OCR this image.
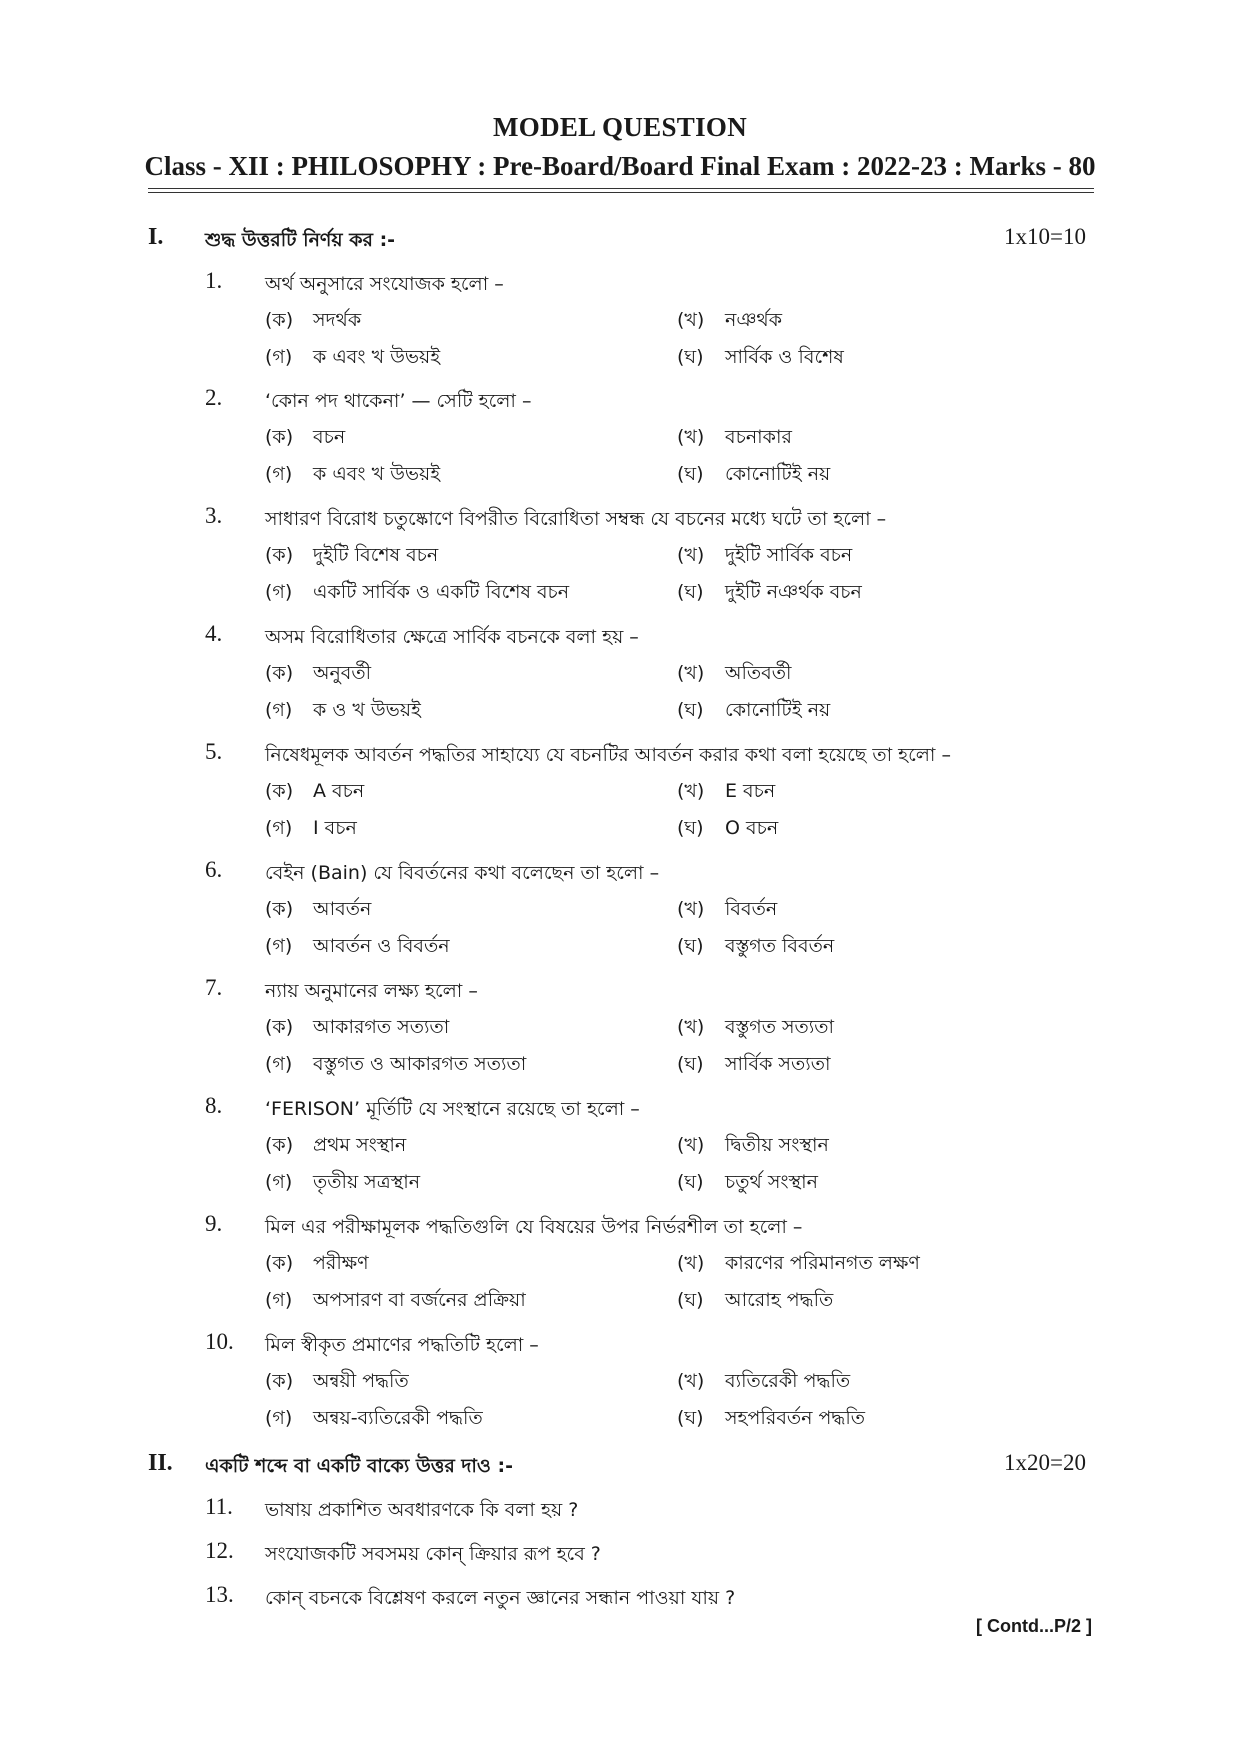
MODEL QUESTION
Class - XII : PHILOSOPHY : Pre-Board/Board Final Exam : 2022-23 : Marks - 80
I. শুদ্ধ উত্তরটি নির্ণয় কর :-	1x10=10
1. অর্থ অনুসারে সংযোজক হলো –
(ক) সদর্থক	(খ) নঞর্থক
(গ) ক এবং খ উভয়ই	(ঘ) সার্বিক ও বিশেষ
2. ‘কোন পদ থাকেনা’ — সেটি হলো –
(ক) বচন	(খ) বচনাকার
(গ) ক এবং খ উভয়ই	(ঘ) কোনোটিই নয়
3. সাধারণ বিরোধ চতুষ্কোণে বিপরীত বিরোধিতা সম্বন্ধ যে বচনের মধ্যে ঘটে তা হলো –
(ক) দুইটি বিশেষ বচন	(খ) দুইটি সার্বিক বচন
(গ) একটি সার্বিক ও একটি বিশেষ বচন	(ঘ) দুইটি নঞর্থক বচন
4. অসম বিরোধিতার ক্ষেত্রে সার্বিক বচনকে বলা হয় –
(ক) অনুবর্তী	(খ) অতিবর্তী
(গ) ক ও খ উভয়ই	(ঘ) কোনোটিই নয়
5. নিষেধমূলক আবর্তন পদ্ধতির সাহায্যে যে বচনটির আবর্তন করার কথা বলা হয়েছে তা হলো –
(ক) A বচন	(খ) E বচন
(গ) I বচন	(ঘ) O বচন
6. বেইন (Bain) যে বিবর্তনের কথা বলেছেন তা হলো –
(ক) আবর্তন	(খ) বিবর্তন
(গ) আবর্তন ও বিবর্তন	(ঘ) বস্তুগত বিবর্তন
7. ন্যায় অনুমানের লক্ষ্য হলো –
(ক) আকারগত সত্যতা	(খ) বস্তুগত সত্যতা
(গ) বস্তুগত ও আকারগত সত্যতা	(ঘ) সার্বিক সত্যতা
8. ‘FERISON’ মূর্তিটি যে সংস্থানে রয়েছে তা হলো –
(ক) প্রথম সংস্থান	(খ) দ্বিতীয় সংস্থান
(গ) তৃতীয় সত্রস্থান	(ঘ) চতুর্থ সংস্থান
9. মিল এর পরীক্ষামূলক পদ্ধতিগুলি যে বিষয়ের উপর নির্ভরশীল তা হলো –
(ক) পরীক্ষণ	(খ) কারণের পরিমানগত লক্ষণ
(গ) অপসারণ বা বর্জনের প্রক্রিয়া	(ঘ) আরোহ পদ্ধতি
10. মিল স্বীকৃত প্রমাণের পদ্ধতিটি হলো –
(ক) অন্বয়ী পদ্ধতি	(খ) ব্যতিরেকী পদ্ধতি
(গ) অন্বয়-ব্যতিরেকী পদ্ধতি	(ঘ) সহপরিবর্তন পদ্ধতি
II. একটি শব্দে বা একটি বাক্যে উত্তর দাও :-	1x20=20
11. ভাষায় প্রকাশিত অবধারণকে কি বলা হয় ?
12. সংযোজকটি সবসময় কোন্ ক্রিয়ার রূপ হবে ?
13. কোন্ বচনকে বিশ্লেষণ করলে নতুন জ্ঞানের সন্ধান পাওয়া যায় ?
[ Contd...P/2 ]
